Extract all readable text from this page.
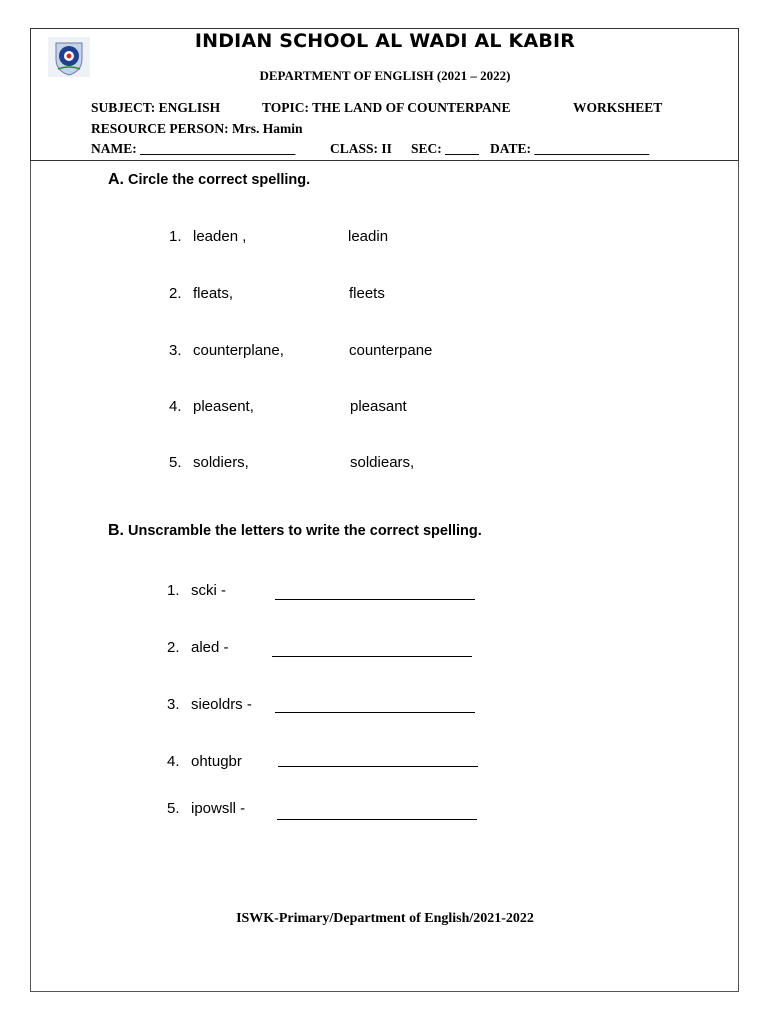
INDIAN SCHOOL AL WADI AL KABIR
DEPARTMENT OF ENGLISH (2021 – 2022)
SUBJECT: ENGLISH	TOPIC: THE LAND OF COUNTERPANE	WORKSHEET
RESOURCE PERSON: Mrs. Hamin
NAME: _______________________	CLASS: II SEC: _____ DATE: _________________
A. Circle the correct spelling.
1. leaden ,	leadin
2. fleats,	fleets
3. counterplane,	counterpane
4. pleasent,	pleasant
5. soldiers,	soldiears,
B. Unscramble the letters to write the correct spelling.
1. scki -
2. aled -
3. sieoldrs -
4. ohtugbr
5. ipowsll -
ISWK-Primary/Department of English/2021-2022
